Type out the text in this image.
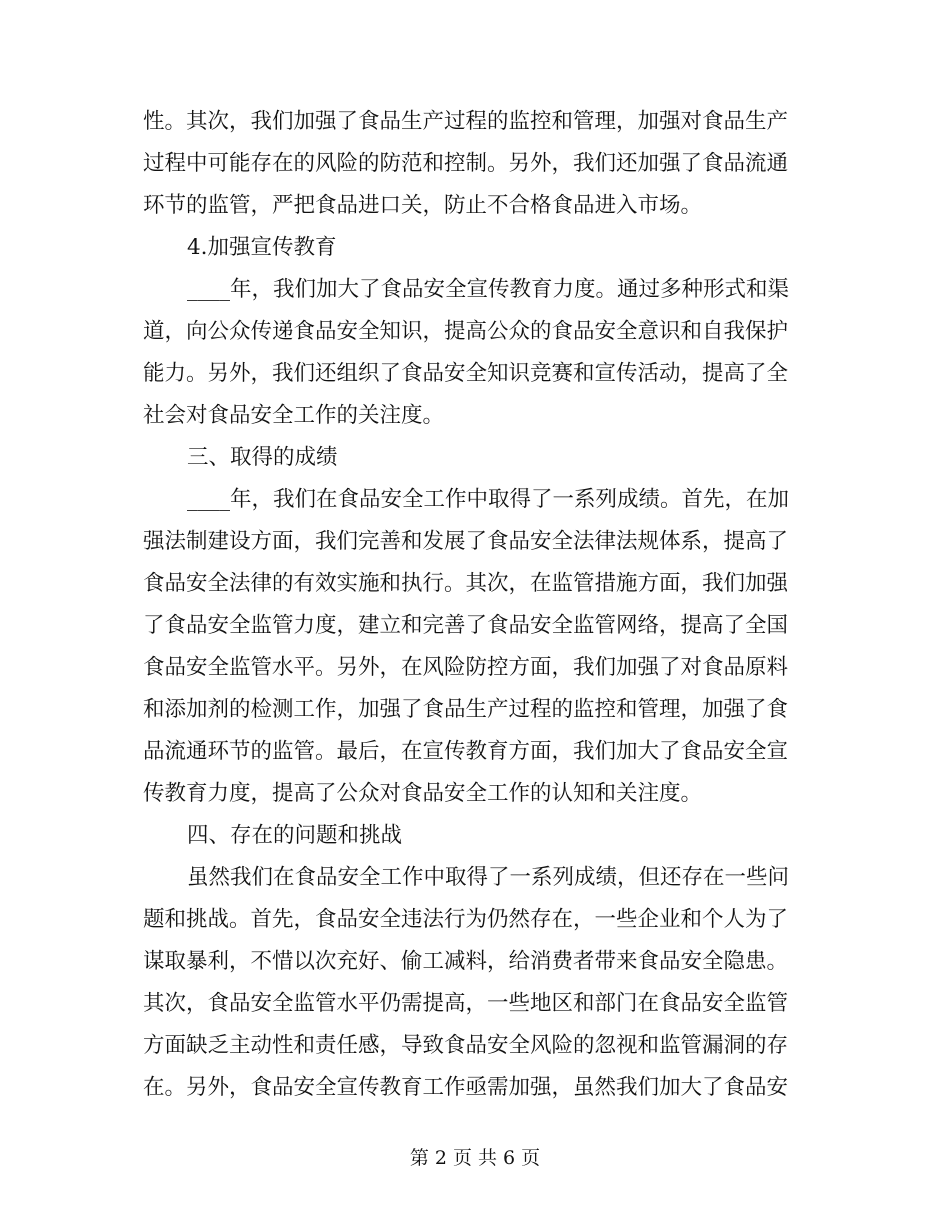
性。其次，我们加强了食品生产过程的监控和管理，加强对食品生产
过程中可能存在的风险的防范和控制。另外，我们还加强了食品流通
环节的监管，严把食品进口关，防止不合格食品进入市场。
4.加强宣传教育
____年，我们加大了食品安全宣传教育力度。通过多种形式和渠
道，向公众传递食品安全知识，提高公众的食品安全意识和自我保护
能力。另外，我们还组织了食品安全知识竞赛和宣传活动，提高了全
社会对食品安全工作的关注度。
三、取得的成绩
____年，我们在食品安全工作中取得了一系列成绩。首先，在加
强法制建设方面，我们完善和发展了食品安全法律法规体系，提高了
食品安全法律的有效实施和执行。其次，在监管措施方面，我们加强
了食品安全监管力度，建立和完善了食品安全监管网络，提高了全国
食品安全监管水平。另外，在风险防控方面，我们加强了对食品原料
和添加剂的检测工作，加强了食品生产过程的监控和管理，加强了食
品流通环节的监管。最后，在宣传教育方面，我们加大了食品安全宣
传教育力度，提高了公众对食品安全工作的认知和关注度。
四、存在的问题和挑战
虽然我们在食品安全工作中取得了一系列成绩，但还存在一些问
题和挑战。首先，食品安全违法行为仍然存在，一些企业和个人为了
谋取暴利，不惜以次充好、偷工减料，给消费者带来食品安全隐患。
其次，食品安全监管水平仍需提高，一些地区和部门在食品安全监管
方面缺乏主动性和责任感，导致食品安全风险的忽视和监管漏洞的存
在。另外，食品安全宣传教育工作亟需加强，虽然我们加大了食品安
第 2 页 共 6 页
